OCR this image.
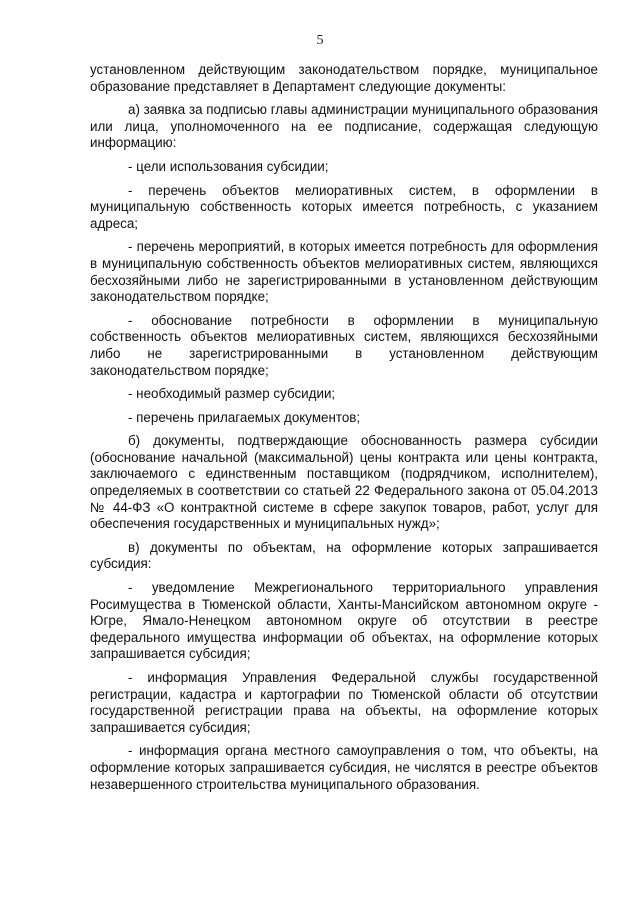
5

установленном действующим законодательством порядке, муниципальное образование представляет в Департамент следующие документы:

а) заявка за подписью главы администрации муниципального образования или лица, уполномоченного на ее подписание, содержащая следующую информацию:

- цели использования субсидии;

- перечень объектов мелиоративных систем, в оформлении в муниципальную собственность которых имеется потребность, с указанием адреса;

- перечень мероприятий, в которых имеется потребность для оформления в муниципальную собственность объектов мелиоративных систем, являющихся бесхозяйными либо не зарегистрированными в установленном действующим законодательством порядке;

- обоснование потребности в оформлении в муниципальную собственность объектов мелиоративных систем, являющихся бесхозяйными либо не зарегистрированными в установленном действующим законодательством порядке;

- необходимый размер субсидии;

- перечень прилагаемых документов;

б) документы, подтверждающие обоснованность размера субсидии (обоснование начальной (максимальной) цены контракта или цены контракта, заключаемого с единственным поставщиком (подрядчиком, исполнителем), определяемых в соответствии со статьей 22 Федерального закона от 05.04.2013 № 44-ФЗ «О контрактной системе в сфере закупок товаров, работ, услуг для обеспечения государственных и муниципальных нужд»;

в) документы по объектам, на оформление которых запрашивается субсидия:

- уведомление Межрегионального территориального управления Росимущества в Тюменской области, Ханты-Мансийском автономном округе - Югре, Ямало-Ненецком автономном округе об отсутствии в реестре федерального имущества информации об объектах, на оформление которых запрашивается субсидия;

- информация Управления Федеральной службы государственной регистрации, кадастра и картографии по Тюменской области об отсутствии государственной регистрации права на объекты, на оформление которых запрашивается субсидия;

- информация органа местного самоуправления о том, что объекты, на оформление которых запрашивается субсидия, не числятся в реестре объектов незавершенного строительства муниципального образования.
